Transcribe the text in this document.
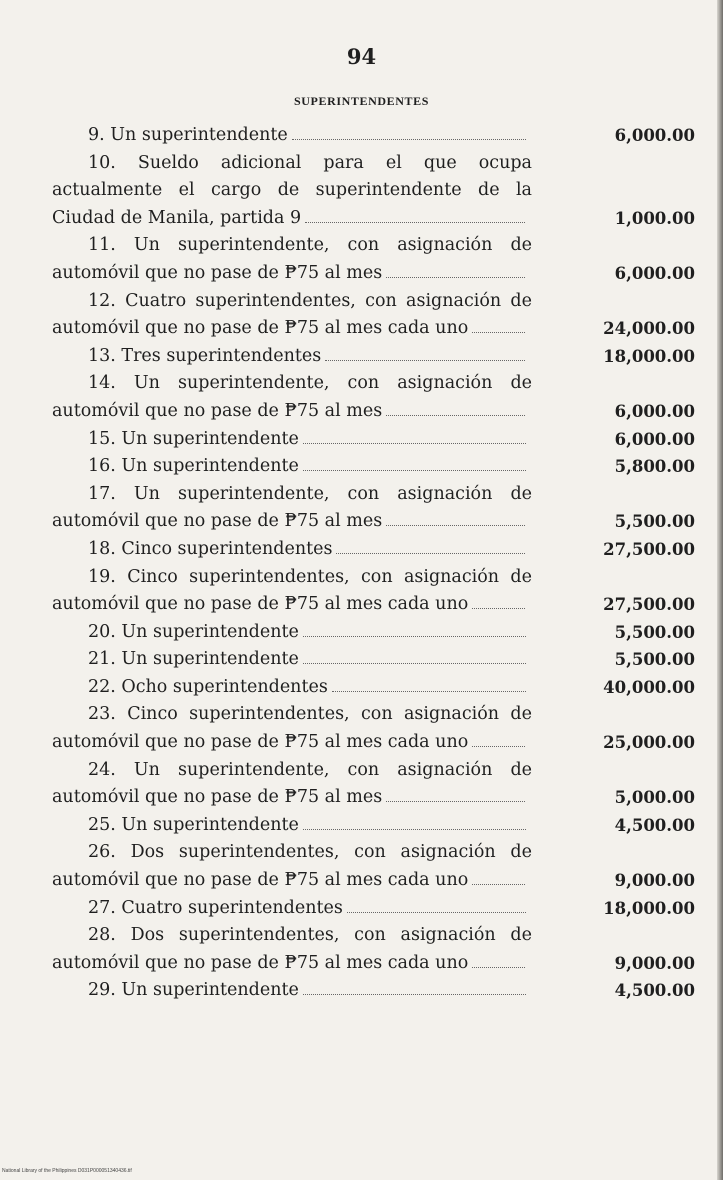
94
SUPERINTENDENTES
9. Un superintendente	6,000.00
10. Sueldo adicional para el que ocupa actualmente el cargo de superintendente de la Ciudad de Manila, partida 9	1,000.00
11. Un superintendente, con asignación de automóvil que no pase de ₱75 al mes	6,000.00
12. Cuatro superintendentes, con asignación de automóvil que no pase de ₱75 al mes cada uno	24,000.00
13. Tres superintendentes	18,000.00
14. Un superintendente, con asignación de automóvil que no pase de ₱75 al mes	6,000.00
15. Un superintendente	6,000.00
16. Un superintendente	5,800.00
17. Un superintendente, con asignación de automóvil que no pase de ₱75 al mes	5,500.00
18. Cinco superintendentes	27,500.00
19. Cinco superintendentes, con asignación de automóvil que no pase de ₱75 al mes cada uno	27,500.00
20. Un superintendente	5,500.00
21. Un superintendente	5,500.00
22. Ocho superintendentes	40,000.00
23. Cinco superintendentes, con asignación de automóvil que no pase de ₱75 al mes cada uno	25,000.00
24. Un superintendente, con asignación de automóvil que no pase de ₱75 al mes	5,000.00
25. Un superintendente	4,500.00
26. Dos superintendentes, con asignación de automóvil que no pase de ₱75 al mes cada uno	9,000.00
27. Cuatro superintendentes	18,000.00
28. Dos superintendentes, con asignación de automóvil que no pase de ₱75 al mes cada uno	9,000.00
29. Un superintendente	4,500.00
National Library of the Philippines D031P000051340436.tif
